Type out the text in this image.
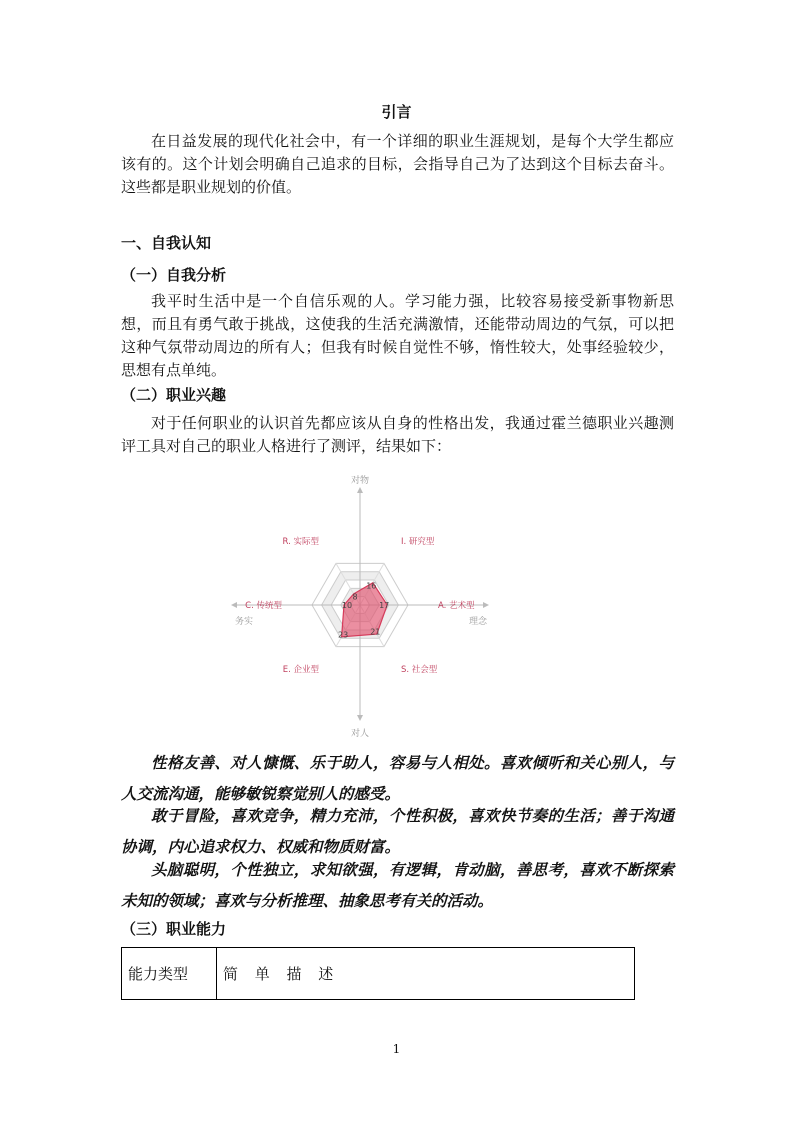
引言

在日益发展的现代化社会中，有一个详细的职业生涯规划，是每个大学生都应该有的。这个计划会明确自己追求的目标，会指导自己为了达到这个目标去奋斗。这些都是职业规划的价值。

一、自我认知
（一）自我分析

我平时生活中是一个自信乐观的人。学习能力强，比较容易接受新事物新思想，而且有勇气敢于挑战，这使我的生活充满激情，还能带动周边的气氛，可以把这种气氛带动周边的所有人；但我有时候自觉性不够，惰性较大，处事经验较少，思想有点单纯。

（二）职业兴趣

对于任何职业的认识首先都应该从自身的性格出发，我通过霍兰德职业兴趣测评工具对自己的职业人格进行了测评，结果如下：

对物
对人
务实	理念
16
17
21
23
10
8
I. 研究型
A. 艺术型
S. 社会型
E. 企业型
C. 传统型
R. 实际型

性格友善、对人慷慨、乐于助人，容易与人相处。喜欢倾听和关心别人，与人交流沟通，能够敏锐察觉别人的感受。

敢于冒险，喜欢竞争，精力充沛，个性积极，喜欢快节奏的生活；善于沟通协调，内心追求权力、权威和物质财富。

头脑聪明，个性独立，求知欲强，有逻辑，肯动脑，善思考，喜欢不断探索未知的领域；喜欢与分析推理、抽象思考有关的活动。

（三）职业能力
能力类型	简 单 描 述
1
